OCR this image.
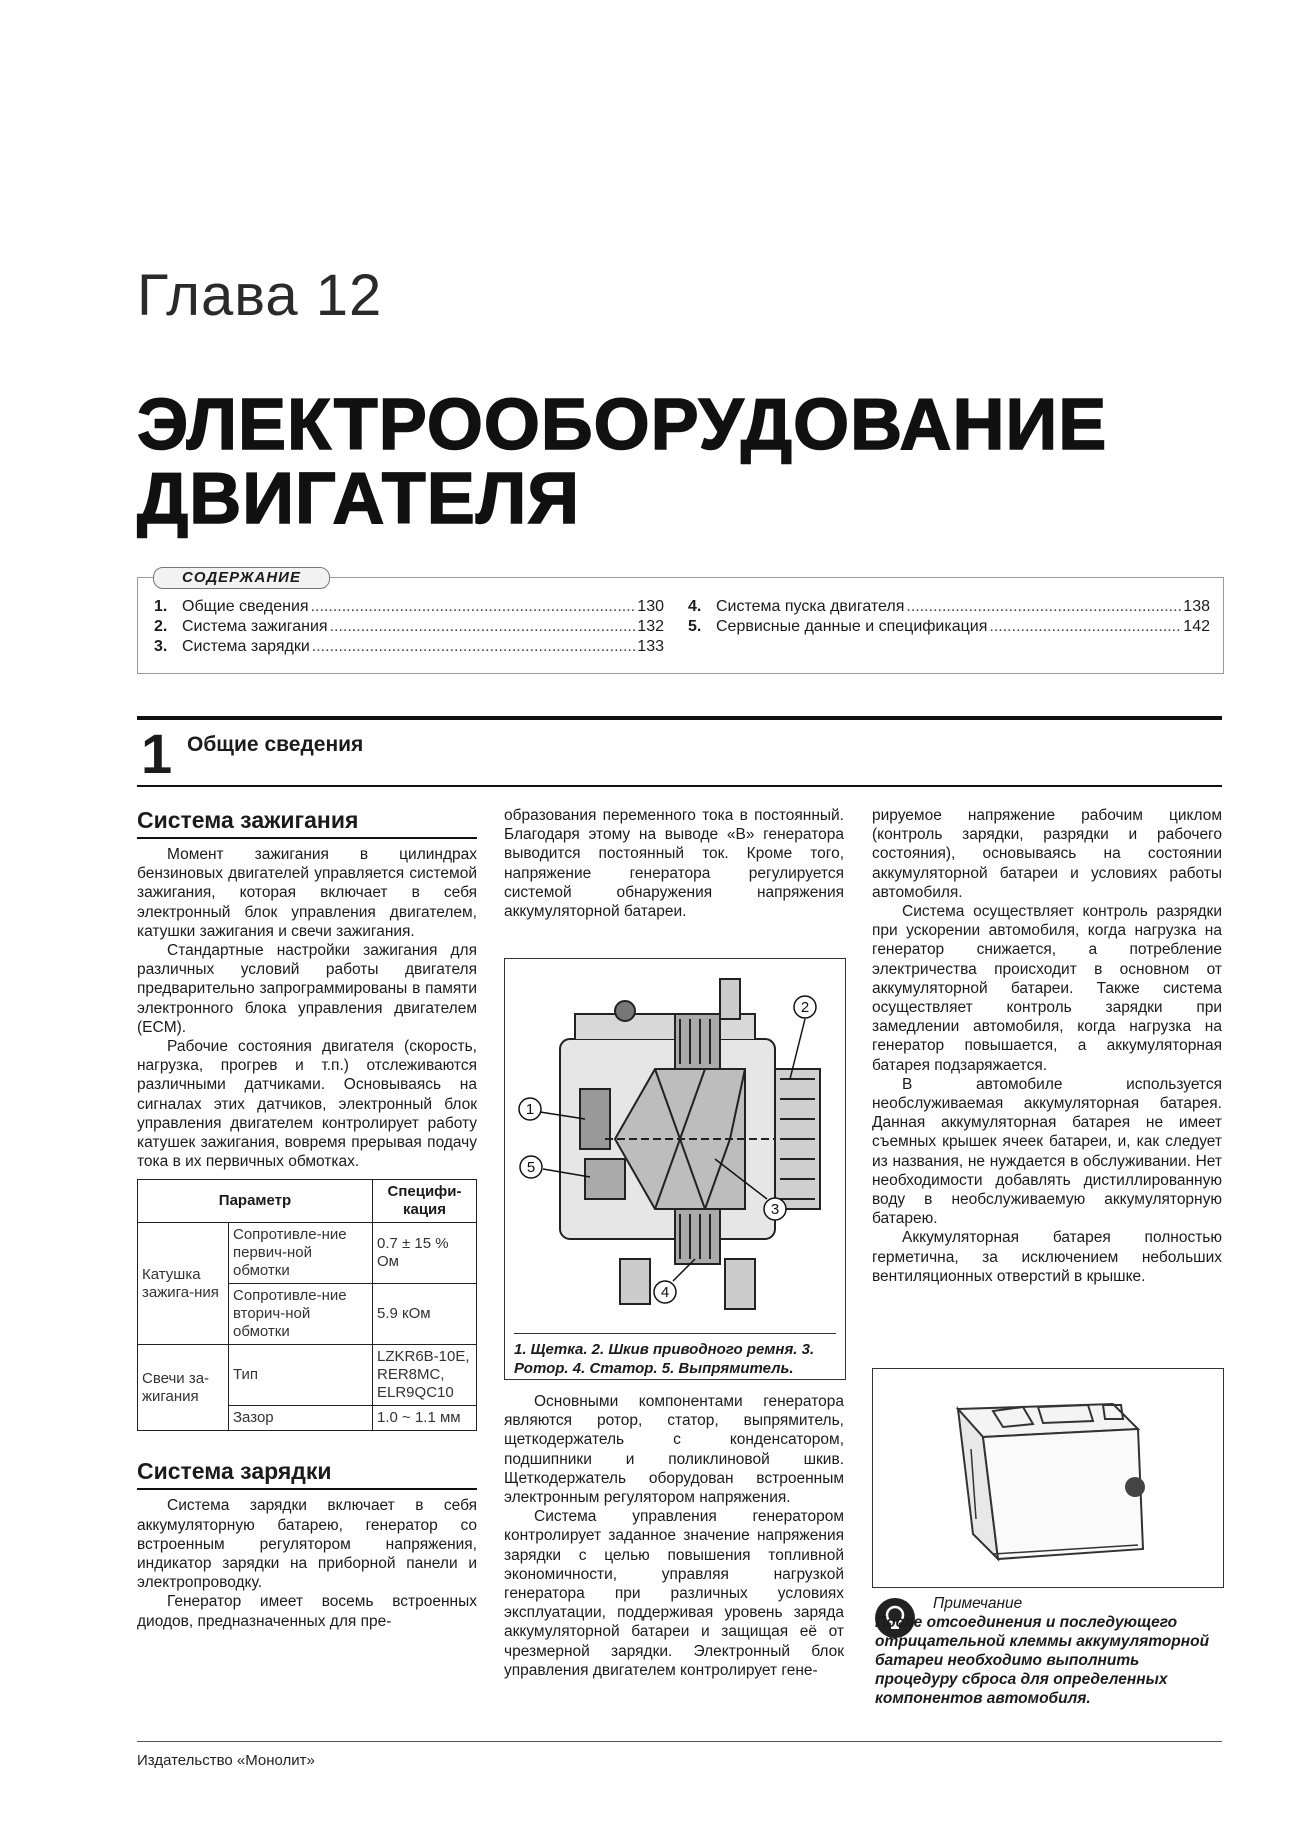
Глава 12
ЭЛЕКТРООБОРУДОВАНИЕ
ДВИГАТЕЛЯ
СОДЕРЖАНИЕ
1. Общие сведения .....	130
2. Система зажигания .....	132
3. Система зарядки .....	133
4. Система пуска двигателя .....	138
5. Сервисные данные и спецификация .....	142
1 Общие сведения
Система зажигания

Момент зажигания в цилиндрах бензиновых двигателей управляется системой зажигания, которая включает в себя электронный блок управления двигателем, катушки зажигания и свечи зажигания.

Стандартные настройки зажигания для различных условий работы двигателя предварительно запрограммированы в памяти электронного блока управления двигателем (ECM).

Рабочие состояния двигателя (скорость, нагрузка, прогрев и т.п.) отслеживаются различными датчиками. Основываясь на сигналах этих датчиков, электронный блок управления двигателем контролирует работу катушек зажигания, вовремя прерывая подачу тока в их первичных обмотках.

Параметр		Специфи-кация
Катушка зажига-ния	Сопротивле-ние первич-ной обмотки	0.7 ± 15 % Ом
	Сопротивле-ние вторич-ной обмотки	5.9 кОм
Свечи за-жигания	Тип	LZKR6B-10E, RER8MC, ELR9QC10
	Зазор	1.0 ~ 1.1 мм
Система зарядки

Система зарядки включает в себя аккумуляторную батарею, генератор со встроенным регулятором напряжения, индикатор зарядки на приборной панели и электропроводку.

Генератор имеет восемь встроенных диодов, предназначенных для пре-

образования переменного тока в постоянный. Благодаря этому на выводе «B» генератора выводится постоянный ток. Кроме того, напряжение генератора регулируется системой обнаружения напряжения аккумуляторной батареи.

1
2
3
4
5
1. Щетка. 2. Шкив приводного ремня. 3. Ротор. 4. Статор. 5. Выпрямитель.

Основными компонентами генератора являются ротор, статор, выпрямитель, щеткодержатель с конденсатором, подшипники и поликлиновой шкив. Щеткодержатель оборудован встроенным электронным регулятором напряжения.

Система управления генератором контролирует заданное значение напряжения зарядки с целью повышения топливной экономичности, управляя нагрузкой генератора при различных условиях эксплуатации, поддерживая уровень заряда аккумуляторной батареи и защищая её от чрезмерной зарядки. Электронный блок управления двигателем контролирует гене-

рируемое напряжение рабочим циклом (контроль зарядки, разрядки и рабочего состояния), основываясь на состоянии аккумуляторной батареи и условиях работы автомобиля.

Система осуществляет контроль разрядки при ускорении автомобиля, когда нагрузка на генератор снижается, а потребление электричества происходит в основном от аккумуляторной батареи. Также система осуществляет контроль зарядки при замедлении автомобиля, когда нагрузка на генератор повышается, а аккумуляторная батарея подзаряжается.

В автомобиле используется необслуживаемая аккумуляторная батарея. Данная аккумуляторная батарея не имеет съемных крышек ячеек батареи, и, как следует из названия, не нуждается в обслуживании. Нет необходимости добавлять дистиллированную воду в необслуживаемую аккумуляторную батарею.

Аккумуляторная батарея полностью герметична, за исключением небольших вентиляционных отверстий в крышке.

Примечание
После отсоединения и последующего отрицательной клеммы аккумуляторной батареи необходимо выполнить процедуру сброса для определенных компонентов автомобиля.
Издательство «Монолит»
